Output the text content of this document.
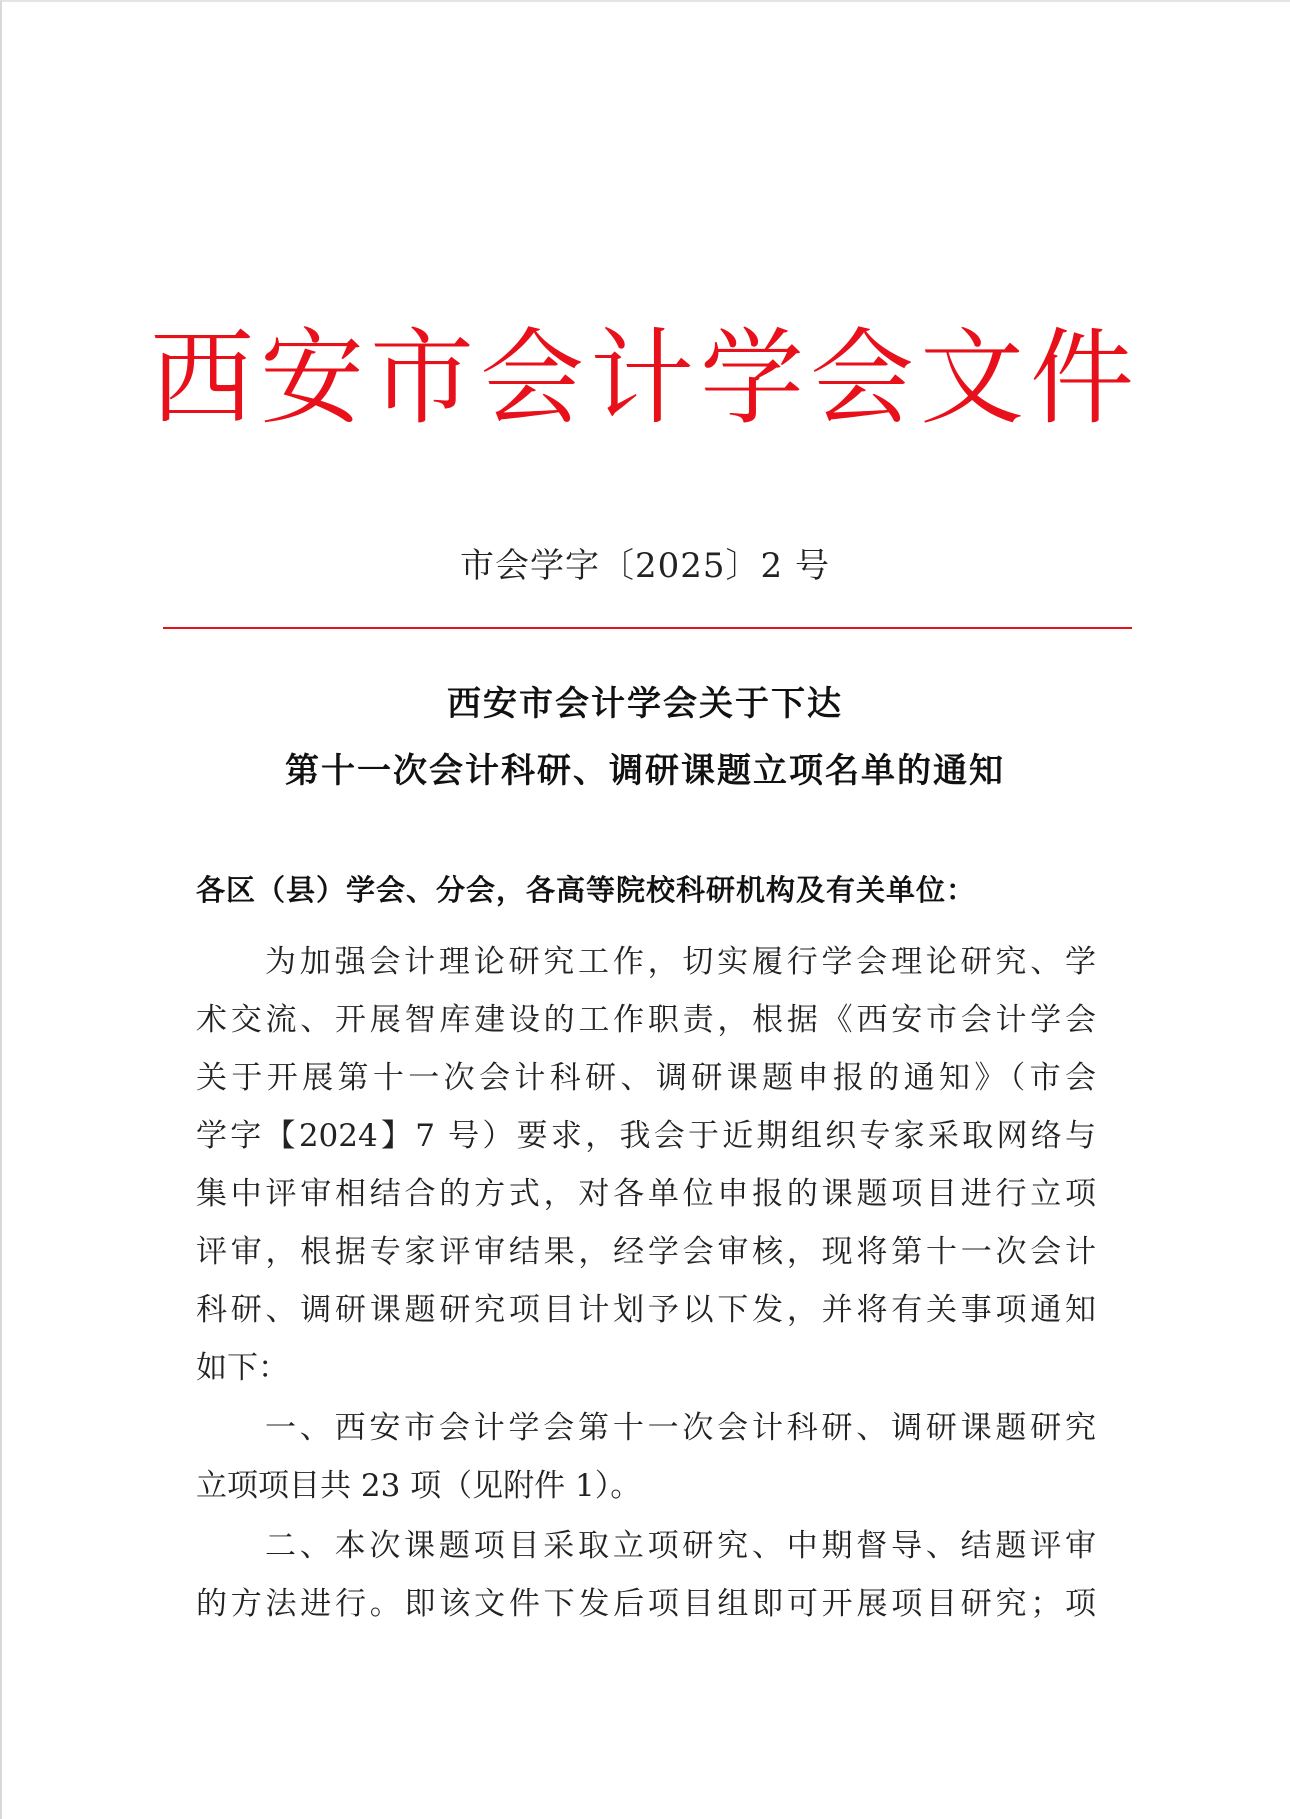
西安市会计学会文件
市会学字〔2025〕2 号
西安市会计学会关于下达
第十一次会计科研、调研课题立项名单的通知
各区（县）学会、分会，各高等院校科研机构及有关单位：
为加强会计理论研究工作，切实履行学会理论研究、学
术交流、开展智库建设的工作职责，根据《西安市会计学会
关于开展第十一次会计科研、调研课题申报的通知》（市会
学字【2024】7 号）要求，我会于近期组织专家采取网络与
集中评审相结合的方式，对各单位申报的课题项目进行立项
评审，根据专家评审结果，经学会审核，现将第十一次会计
科研、调研课题研究项目计划予以下发，并将有关事项通知
如下：
一、西安市会计学会第十一次会计科研、调研课题研究
立项项目共 23 项（见附件 1）。
二、本次课题项目采取立项研究、中期督导、结题评审
的方法进行。即该文件下发后项目组即可开展项目研究；项
